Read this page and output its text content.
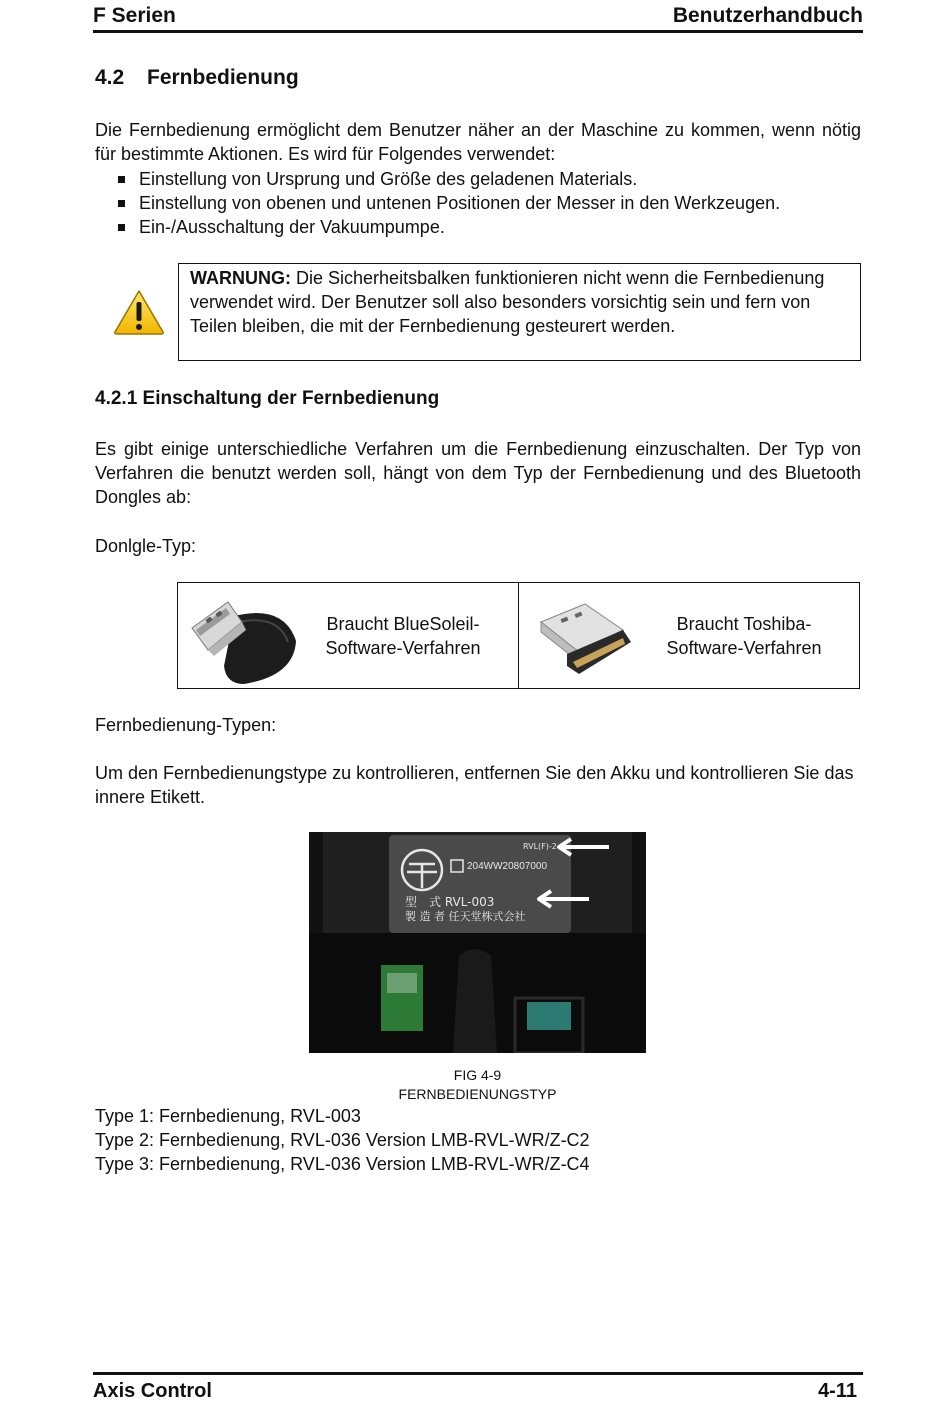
F Serien	Benutzerhandbuch
4.2 Fernbedienung

Die Fernbedienung ermöglicht dem Benutzer näher an der Maschine zu kommen, wenn nötig für bestimmte Aktionen. Es wird für Folgendes verwendet:

Einstellung von Ursprung und Größe des geladenen Materials.
Einstellung von obenen und untenen Positionen der Messer in den Werkzeugen.
Ein-/Ausschaltung der Vakuumpumpe.
WARNUNG: Die Sicherheitsbalken funktionieren nicht wenn die Fernbedienung verwendet wird. Der Benutzer soll also besonders vorsichtig sein und fern von Teilen bleiben, die mit der Fernbedienung gesteurert werden.
4.2.1 Einschaltung der Fernbedienung

Es gibt einige unterschiedliche Verfahren um die Fernbedienung einzuschalten. Der Typ von Verfahren die benutzt werden soll, hängt von dem Typ der Fernbedienung und des Bluetooth Dongles ab:

Donlgle-Typ:
Braucht BlueSoleil-
Software-Verfahren
Braucht Toshiba-
Software-Verfahren
Fernbedienung-Typen:

Um den Fernbedienungstype zu kontrollieren, entfernen Sie den Akku und kontrollieren Sie das innere Etikett.

RVL(F)-2
204WW20807000
型　式 RVL-003
製 造 者 任天堂株式会社
FIG 4-9
FERNBEDIENUNGSTYP
Type 1: Fernbedienung, RVL-003
Type 2: Fernbedienung, RVL-036 Version LMB-RVL-WR/Z-C2
Type 3: Fernbedienung, RVL-036 Version LMB-RVL-WR/Z-C4
Axis Control	4-11
